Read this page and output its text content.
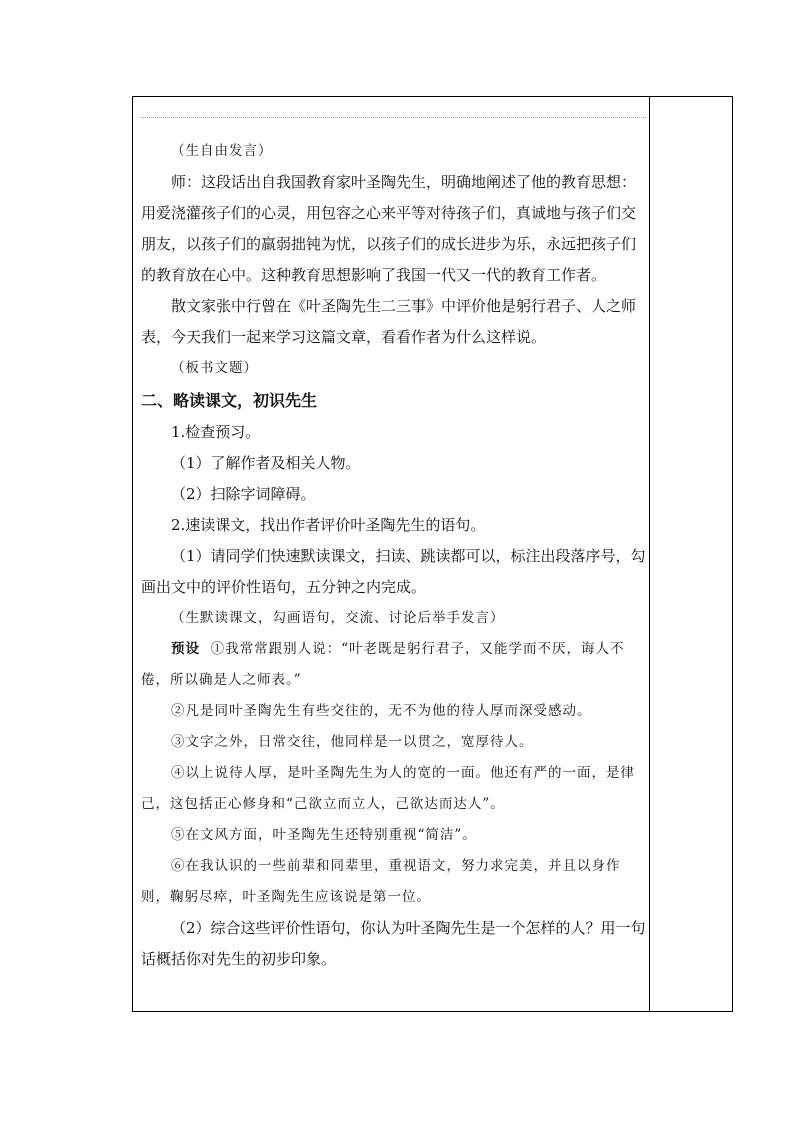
（生自由发言）

师：这段话出自我国教育家叶圣陶先生，明确地阐述了他的教育思想：用爱浇灌孩子们的心灵，用包容之心来平等对待孩子们，真诚地与孩子们交朋友，以孩子们的羸弱拙钝为忧，以孩子们的成长进步为乐，永远把孩子们的教育放在心中。这种教育思想影响了我国一代又一代的教育工作者。

散文家张中行曾在《叶圣陶先生二三事》中评价他是躬行君子、人之师表，今天我们一起来学习这篇文章，看看作者为什么这样说。

（板书文题）

二、略读课文，初识先生

1.检查预习。

（1）了解作者及相关人物。

（2）扫除字词障碍。

2.速读课文，找出作者评价叶圣陶先生的语句。

（1）请同学们快速默读课文，扫读、跳读都可以，标注出段落序号，勾画出文中的评价性语句，五分钟之内完成。

（生默读课文，勾画语句，交流、讨论后举手发言）

预设 ①我常常跟别人说：“叶老既是躬行君子，又能学而不厌，诲人不倦，所以确是人之师表。”

②凡是同叶圣陶先生有些交往的，无不为他的待人厚而深受感动。

③文字之外，日常交往，他同样是一以贯之，宽厚待人。

④以上说待人厚，是叶圣陶先生为人的宽的一面。他还有严的一面，是律己，这包括正心修身和“己欲立而立人，己欲达而达人”。

⑤在文风方面，叶圣陶先生还特别重视“简洁”。

⑥在我认识的一些前辈和同辈里，重视语文，努力求完美，并且以身作则，鞠躬尽瘁，叶圣陶先生应该说是第一位。

（2）综合这些评价性语句，你认为叶圣陶先生是一个怎样的人？用一句话概括你对先生的初步印象。
